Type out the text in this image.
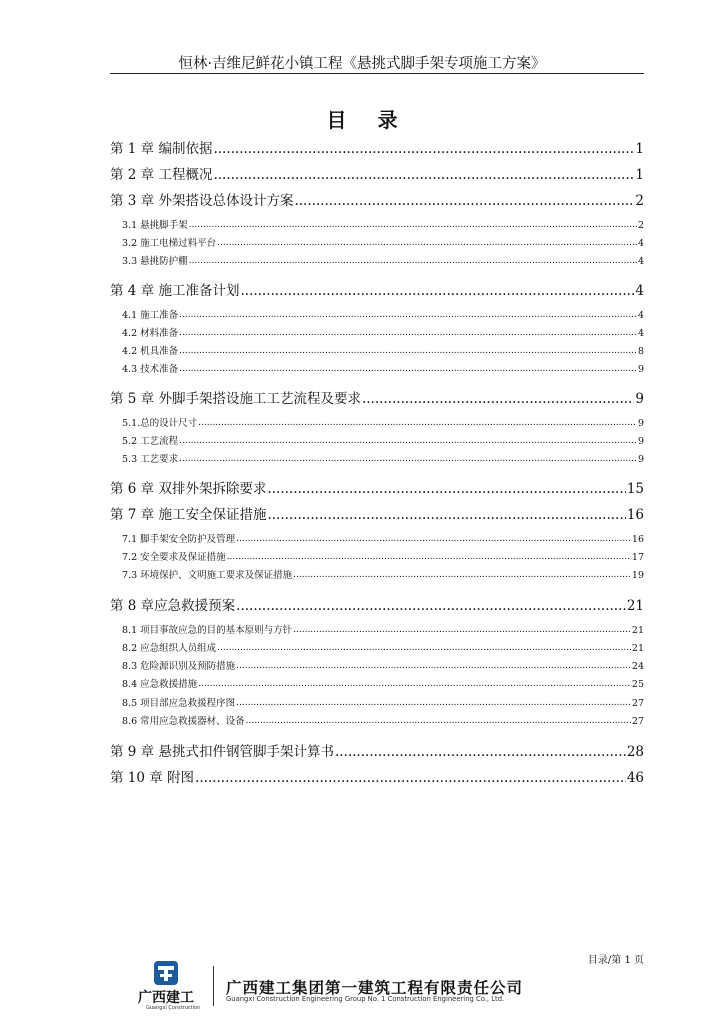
恒林·吉维尼鲜花小镇工程《悬挑式脚手架专项施工方案》
目 录
第 1 章 编制依据 .....	1
第 2 章 工程概况 .....	1
第 3 章 外架搭设总体设计方案 .....	2
3.1 悬挑脚手架 .....	2
3.2 施工电梯过料平台 .....	4
3.3 悬挑防护棚 .....	4
第 4 章 施工准备计划 .....	4
4.1 施工准备 .....	4
4.2 材料准备 .....	4
4.2 机具准备 .....	8
4.3 技术准备 .....	9
第 5 章 外脚手架搭设施工工艺流程及要求 .....	9
5.1.总的设计尺寸 .....	9
5.2 工艺流程 .....	9
5.3 工艺要求 .....	9
第 6 章 双排外架拆除要求 .....	15
第 7 章 施工安全保证措施 .....	16
7.1 脚手架安全防护及管理 .....	16
7.2 安全要求及保证措施 .....	17
7.3 环境保护、文明施工要求及保证措施 .....	19
第 8 章应急救援预案 .....	21
8.1 项目事故应急的目的基本原则与方针 .....	21
8.2 应急组织人员组成 .....	21
8.3 危险源识别及预防措施 .....	24
8.4 应急救援措施 .....	25
8.5 项目部应急救援程序图 .....	27
8.6 常用应急救援器材、设备 .....	27
第 9 章 悬挑式扣件钢管脚手架计算书 .....	28
第 10 章 附图 .....	46
目录/第 1 页
广西建工
Guangxi Construction
广西建工集团第一建筑工程有限责任公司
Guangxi Construction Engineering Group No. 1 Construction Engineering Co., Ltd.
